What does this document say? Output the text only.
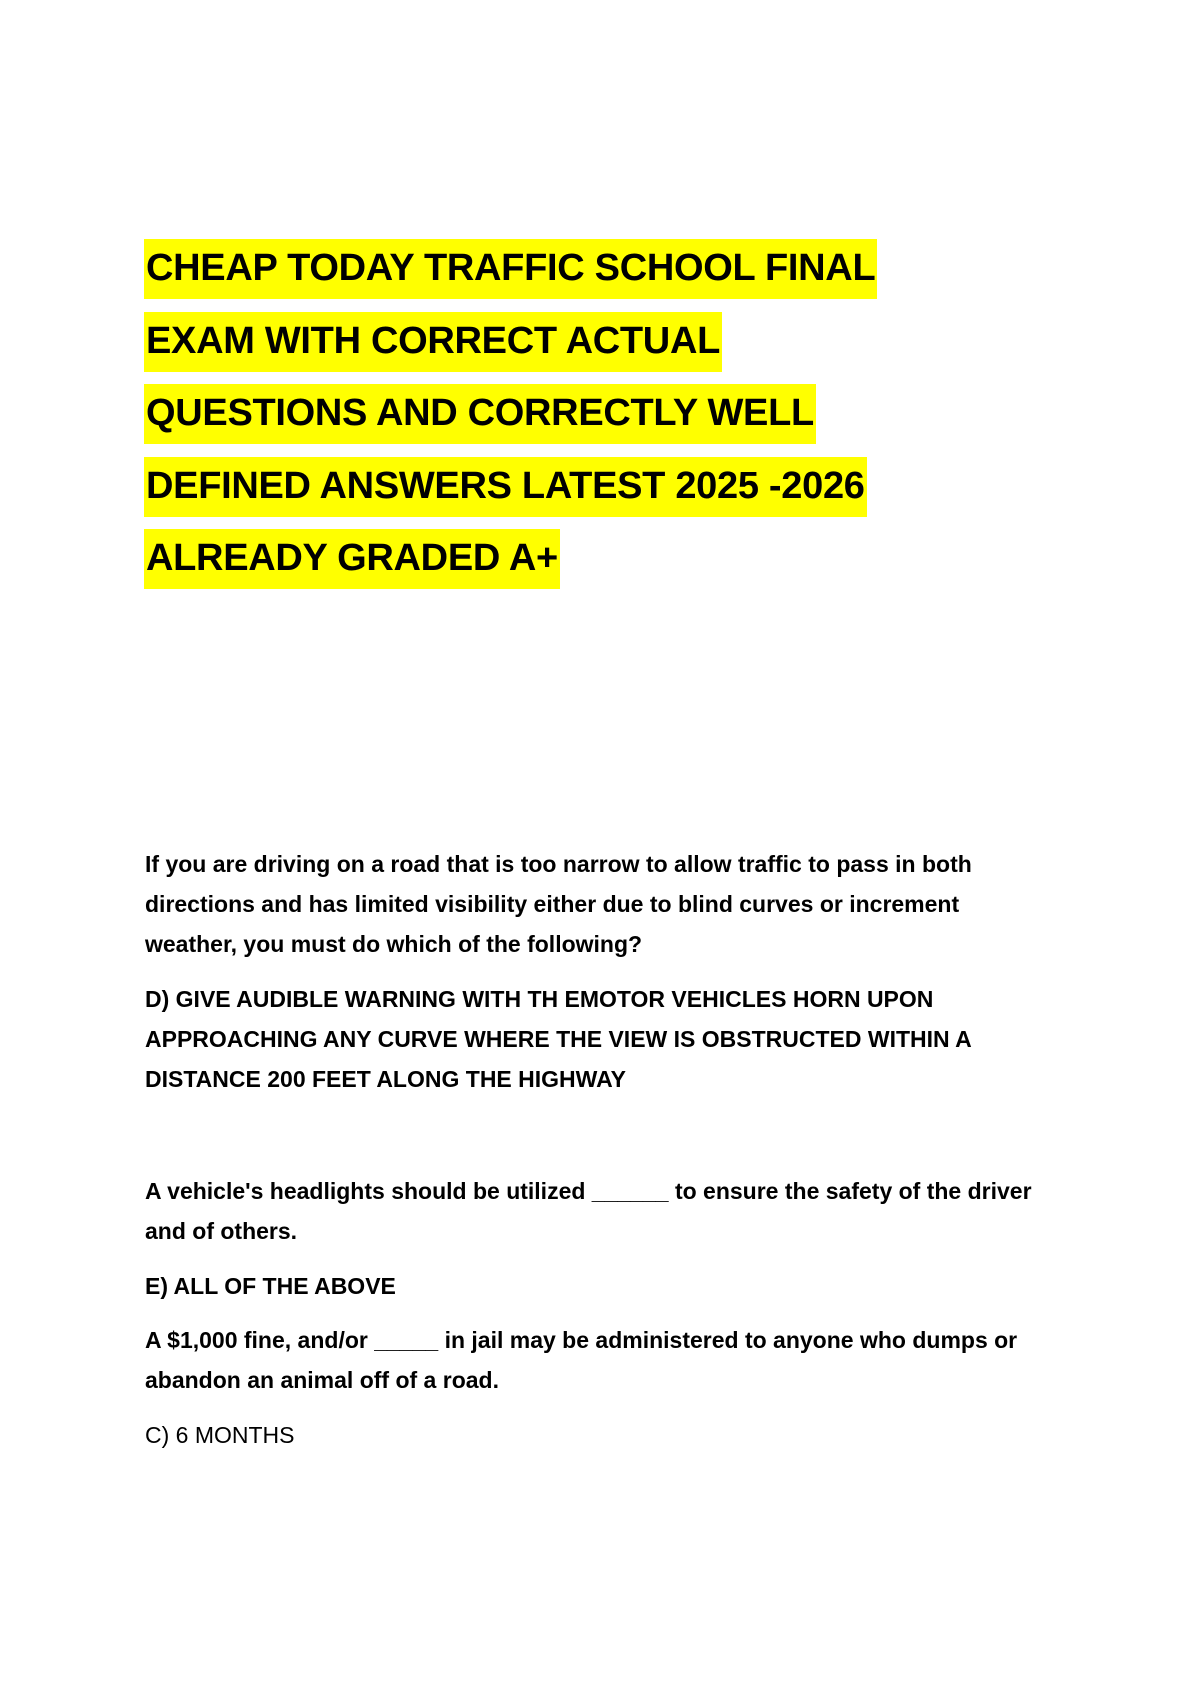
CHEAP TODAY TRAFFIC SCHOOL FINAL
EXAM WITH CORRECT ACTUAL
QUESTIONS AND CORRECTLY WELL
DEFINED ANSWERS LATEST 2025 -2026
ALREADY GRADED A+

If you are driving on a road that is too narrow to allow traffic to pass in both directions and has limited visibility either due to blind curves or increment weather, you must do which of the following?

D) GIVE AUDIBLE WARNING WITH TH EMOTOR VEHICLES HORN UPON APPROACHING ANY CURVE WHERE THE VIEW IS OBSTRUCTED WITHIN A DISTANCE 200 FEET ALONG THE HIGHWAY

A vehicle's headlights should be utilized ______ to ensure the safety of the driver and of others.

E) ALL OF THE ABOVE

A $1,000 fine, and/or _____ in jail may be administered to anyone who dumps or abandon an animal off of a road.

C) 6 MONTHS
